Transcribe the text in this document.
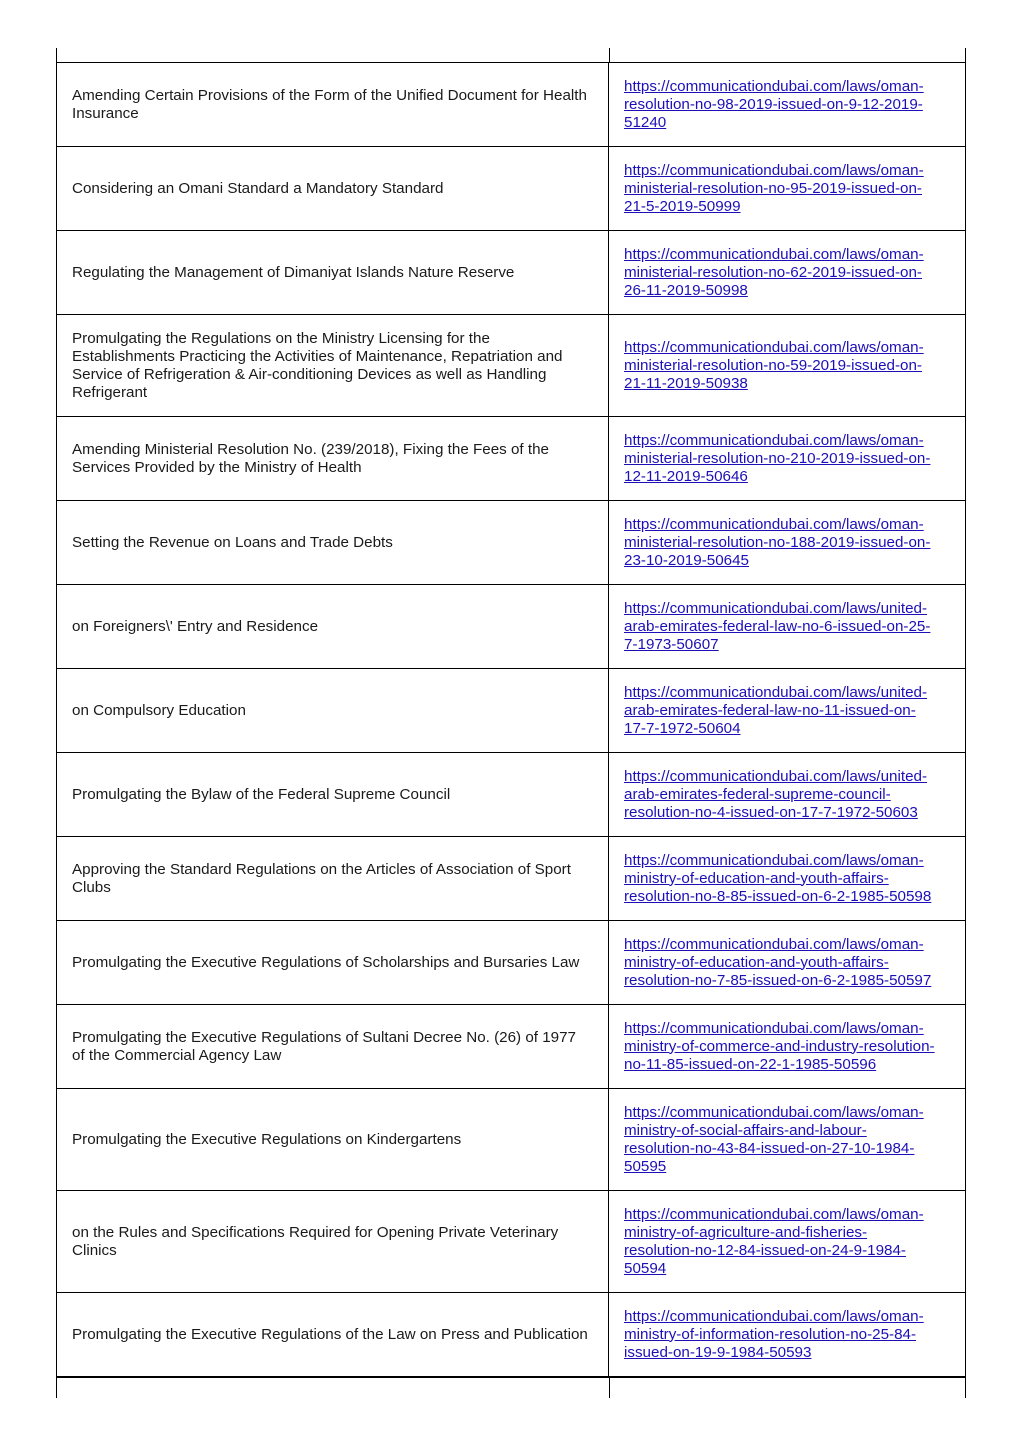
Amending Certain Provisions of the Form of the Unified Document for Health Insurance
https://communicationdubai.com/laws/oman-
resolution-no-98-2019-issued-on-9-12-2019-
51240
Considering an Omani Standard a Mandatory Standard
https://communicationdubai.com/laws/oman-
ministerial-resolution-no-95-2019-issued-on-
21-5-2019-50999
Regulating the Management of Dimaniyat Islands Nature Reserve
https://communicationdubai.com/laws/oman-
ministerial-resolution-no-62-2019-issued-on-
26-11-2019-50998
Promulgating the Regulations on the Ministry Licensing for the Establishments Practicing the Activities of Maintenance, Repatriation and Service of Refrigeration & Air-conditioning Devices as well as Handling Refrigerant
https://communicationdubai.com/laws/oman-
ministerial-resolution-no-59-2019-issued-on-
21-11-2019-50938
Amending Ministerial Resolution No. (239/2018), Fixing the Fees of the Services Provided by the Ministry of Health
https://communicationdubai.com/laws/oman-
ministerial-resolution-no-210-2019-issued-on-
12-11-2019-50646
Setting the Revenue on Loans and Trade Debts
https://communicationdubai.com/laws/oman-
ministerial-resolution-no-188-2019-issued-on-
23-10-2019-50645
on Foreigners\' Entry and Residence
https://communicationdubai.com/laws/united-
arab-emirates-federal-law-no-6-issued-on-25-
7-1973-50607
on Compulsory Education
https://communicationdubai.com/laws/united-
arab-emirates-federal-law-no-11-issued-on-
17-7-1972-50604
Promulgating the Bylaw of the Federal Supreme Council
https://communicationdubai.com/laws/united-
arab-emirates-federal-supreme-council-
resolution-no-4-issued-on-17-7-1972-50603
Approving the Standard Regulations on the Articles of Association of Sport Clubs
https://communicationdubai.com/laws/oman-
ministry-of-education-and-youth-affairs-
resolution-no-8-85-issued-on-6-2-1985-50598
Promulgating the Executive Regulations of Scholarships and Bursaries Law
https://communicationdubai.com/laws/oman-
ministry-of-education-and-youth-affairs-
resolution-no-7-85-issued-on-6-2-1985-50597
Promulgating the Executive Regulations of Sultani Decree No. (26) of 1977 of the Commercial Agency Law
https://communicationdubai.com/laws/oman-
ministry-of-commerce-and-industry-resolution-
no-11-85-issued-on-22-1-1985-50596
Promulgating the Executive Regulations on Kindergartens
https://communicationdubai.com/laws/oman-
ministry-of-social-affairs-and-labour-
resolution-no-43-84-issued-on-27-10-1984-
50595
on the Rules and Specifications Required for Opening Private Veterinary Clinics
https://communicationdubai.com/laws/oman-
ministry-of-agriculture-and-fisheries-
resolution-no-12-84-issued-on-24-9-1984-
50594
Promulgating the Executive Regulations of the Law on Press and Publication
https://communicationdubai.com/laws/oman-
ministry-of-information-resolution-no-25-84-
issued-on-19-9-1984-50593
